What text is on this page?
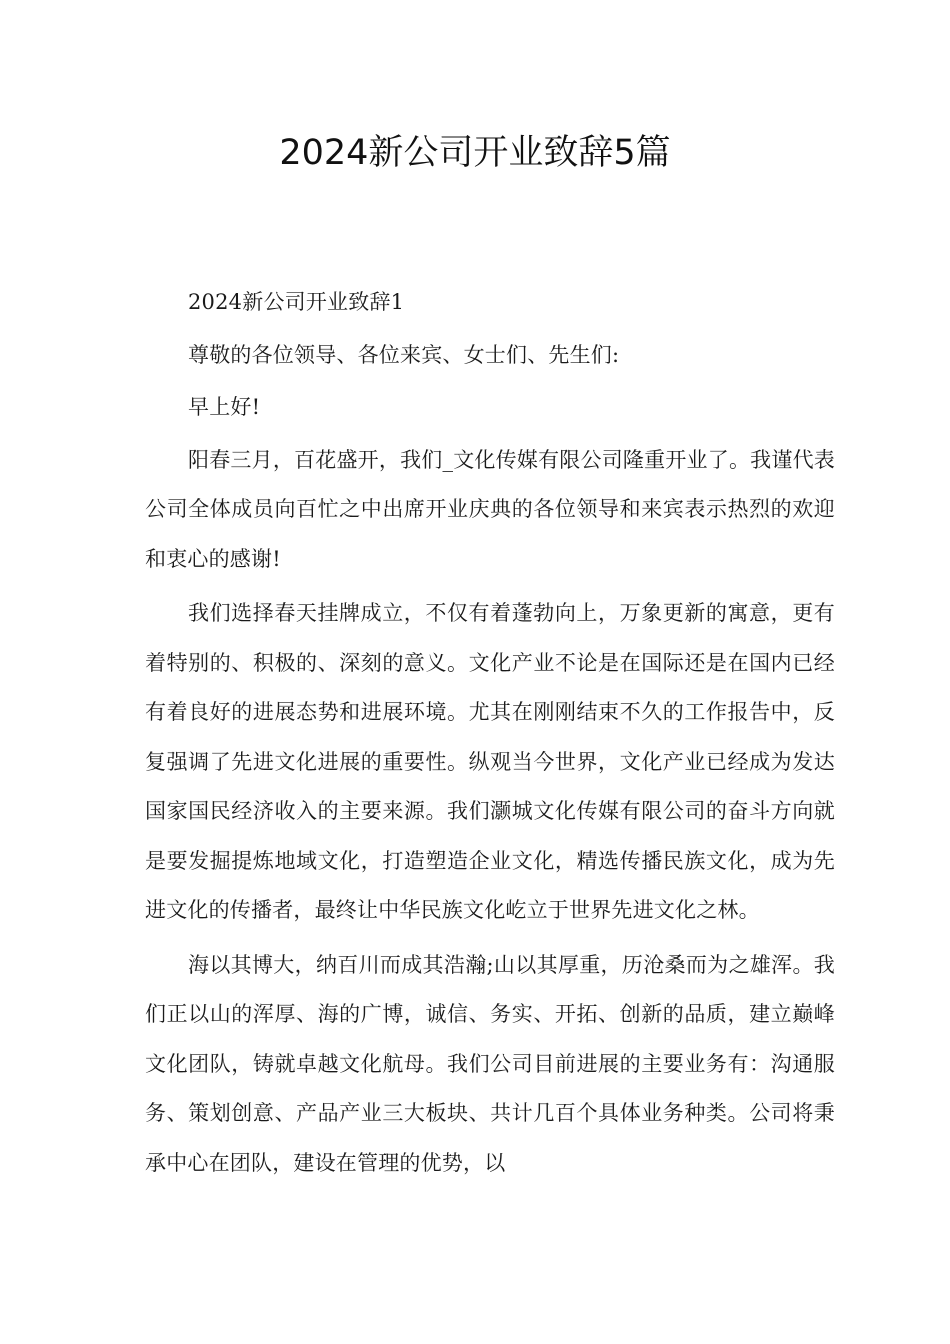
2024新公司开业致辞5篇

2024新公司开业致辞1

尊敬的各位领导、各位来宾、女士们、先生们:

早上好!

阳春三月，百花盛开，我们_文化传媒有限公司隆重开业了。我谨代表公司全体成员向百忙之中出席开业庆典的各位领导和来宾表示热烈的欢迎和衷心的感谢!

我们选择春天挂牌成立，不仅有着蓬勃向上，万象更新的寓意，更有着特别的、积极的、深刻的意义。文化产业不论是在国际还是在国内已经有着良好的进展态势和进展环境。尤其在刚刚结束不久的工作报告中，反复强调了先进文化进展的重要性。纵观当今世界，文化产业已经成为发达国家国民经济收入的主要来源。我们灏城文化传媒有限公司的奋斗方向就是要发掘提炼地域文化，打造塑造企业文化，精选传播民族文化，成为先进文化的传播者，最终让中华民族文化屹立于世界先进文化之林。

海以其博大，纳百川而成其浩瀚;山以其厚重，历沧桑而为之雄浑。我们正以山的浑厚、海的广博，诚信、务实、开拓、创新的品质，建立巅峰文化团队，铸就卓越文化航母。我们公司目前进展的主要业务有：沟通服务、策划创意、产品产业三大板块、共计几百个具体业务种类。公司将秉承中心在团队，建设在管理的优势，以
